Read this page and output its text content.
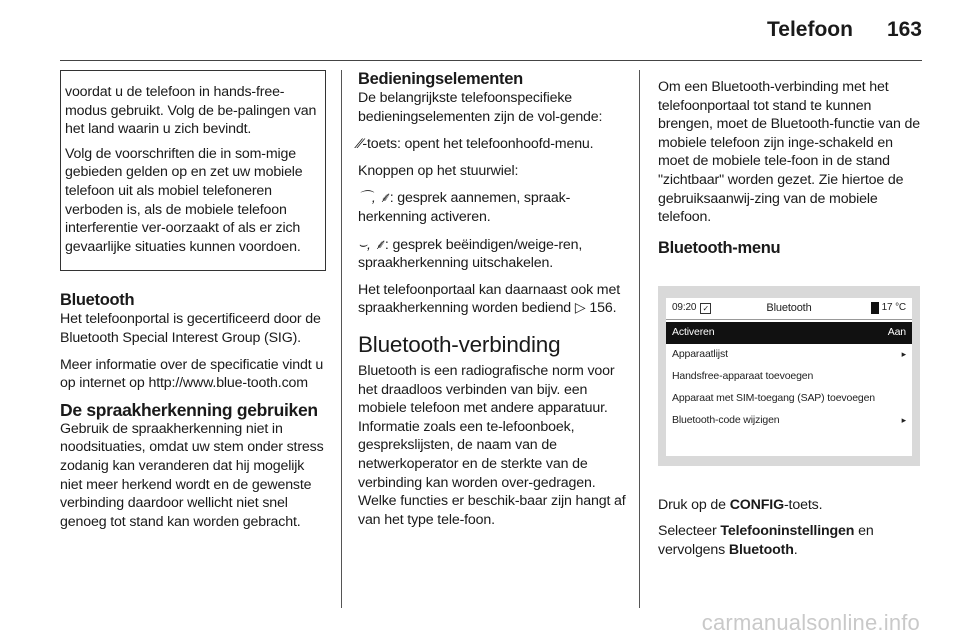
Telefoon 163

voordat u de telefoon in hands-free-modus gebruikt. Volg de be-palingen van het land waarin u zich bevindt.

Volg de voorschriften die in som-mige gebieden gelden op en zet uw mobiele telefoon uit als mobiel telefoneren verboden is, als de mobiele telefoon interferentie ver-oorzaakt of als er zich gevaarlijke situaties kunnen voordoen.

Bluetooth

Het telefoonportal is gecertificeerd door de Bluetooth Special Interest Group (SIG).

Meer informatie over de specificatie vindt u op internet op http://www.blue-tooth.com

De spraakherkenning gebruiken

Gebruik de spraakherkenning niet in noodsituaties, omdat uw stem onder stress zodanig kan veranderen dat hij mogelijk niet meer herkend wordt en de gewenste verbinding daardoor wellicht niet snel genoeg tot stand kan worden gebracht.

Bedieningselementen

De belangrijkste telefoonspecifieke bedieningselementen zijn de vol-gende:

⁄⁄-toets: opent het telefoonhoofd-menu.

Knoppen op het stuurwiel:

⌒, ⸙: gesprek aannemen, spraak-herkenning activeren.

⌣, ⸙: gesprek beëindigen/weige-ren, spraakherkenning uitschakelen.

Het telefoonportaal kan daarnaast ook met spraakherkenning worden bediend ▷ 156.

Bluetooth-verbinding

Bluetooth is een radiografische norm voor het draadloos verbinden van bijv. een mobiele telefoon met andere apparatuur. Informatie zoals een te-lefoonboek, gesprekslijsten, de naam van de netwerkoperator en de sterkte van de verbinding kan worden over-gedragen. Welke functies er beschik-baar zijn hangt af van het type tele-foon.

Om een Bluetooth-verbinding met het telefoonportaal tot stand te kunnen brengen, moet de Bluetooth-functie van de mobiele telefoon zijn inge-schakeld en moet de mobiele tele-foon in de stand "zichtbaar" worden gezet. Zie hiertoe de gebruiksaanwij-zing van de mobiele telefoon.

Bluetooth-menu
09:20 ✓	Bluetooth	17 °C
Activeren	Aan
Apparaatlijst	▸
Handsfree-apparaat toevoegen
Apparaat met SIM-toegang (SAP) toevoegen
Bluetooth-code wijzigen	▸

Druk op de CONFIG-toets.

Selecteer Telefooninstellingen en vervolgens Bluetooth.

carmanualsonline.info
